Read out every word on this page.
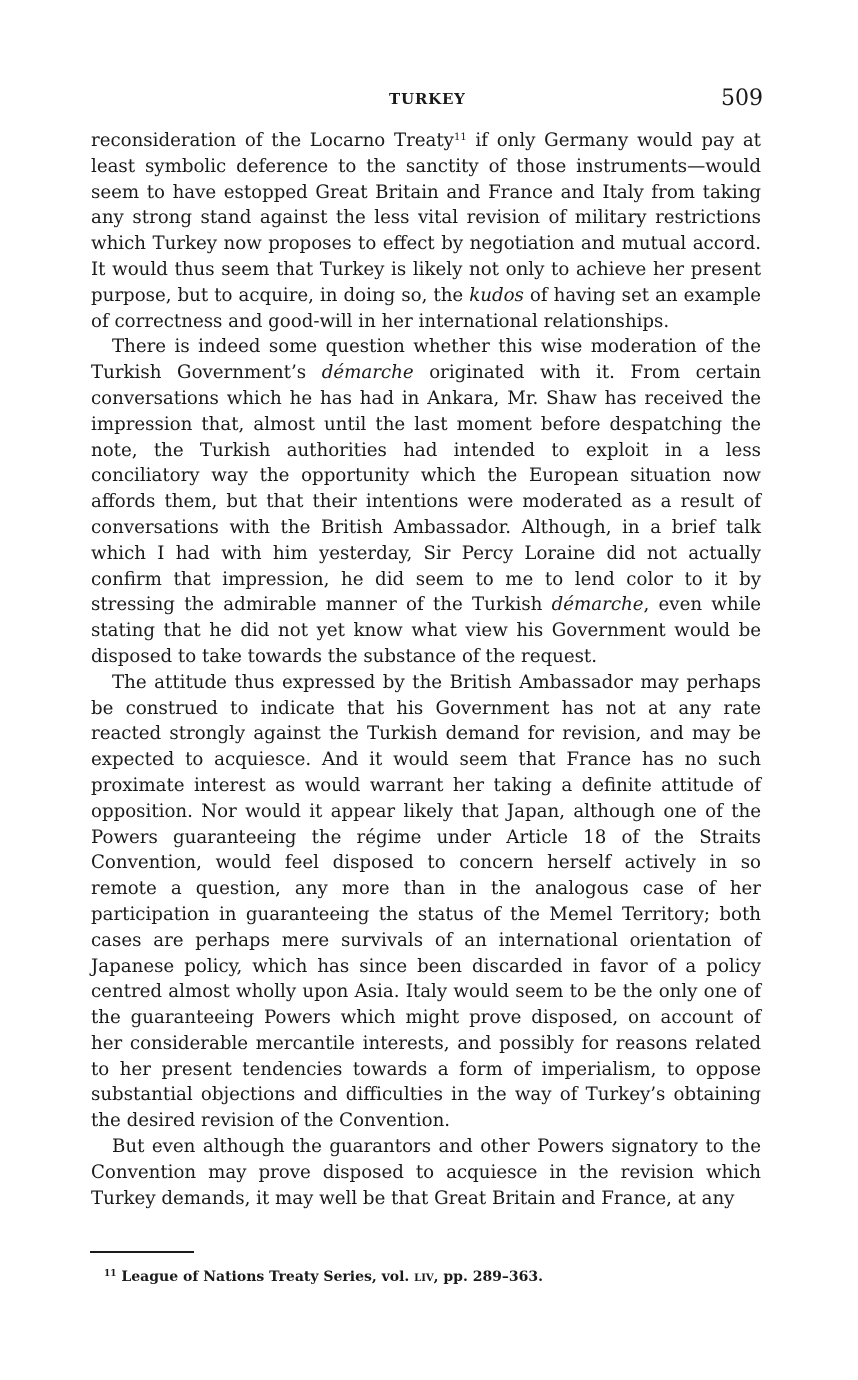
TURKEY	509

reconsideration of the Locarno Treaty$^{11}$ if only Germany would pay at least symbolic deference to the sanctity of those instruments—would seem to have estopped Great Britain and France and Italy from taking any strong stand against the less vital revision of military restrictions which Turkey now proposes to effect by negotiation and mutual accord. It would thus seem that Turkey is likely not only to achieve her present purpose, but to acquire, in doing so, the kudos of having set an example of correctness and good-will in her international relationships.

There is indeed some question whether this wise moderation of the Turkish Government’s démarche originated with it. From certain conversations which he has had in Ankara, Mr. Shaw has received the impression that, almost until the last moment before despatching the note, the Turkish authorities had intended to exploit in a less conciliatory way the opportunity which the European situation now affords them, but that their intentions were moderated as a result of conversations with the British Ambassador. Although, in a brief talk which I had with him yesterday, Sir Percy Loraine did not actually confirm that impression, he did seem to me to lend color to it by stressing the admirable manner of the Turkish démarche, even while stating that he did not yet know what view his Government would be disposed to take towards the substance of the request.

The attitude thus expressed by the British Ambassador may perhaps be construed to indicate that his Government has not at any rate reacted strongly against the Turkish demand for revision, and may be expected to acquiesce. And it would seem that France has no such proximate interest as would warrant her taking a definite attitude of opposition. Nor would it appear likely that Japan, although one of the Powers guaranteeing the régime under Article 18 of the Straits Convention, would feel disposed to concern herself actively in so remote a question, any more than in the analogous case of her participation in guaranteeing the status of the Memel Territory; both cases are perhaps mere survivals of an international orientation of Japanese policy, which has since been discarded in favor of a policy centred almost wholly upon Asia. Italy would seem to be the only one of the guaranteeing Powers which might prove disposed, on account of her considerable mercantile interests, and possibly for reasons related to her present tendencies towards a form of imperialism, to oppose substantial objections and difficulties in the way of Turkey’s obtaining the desired revision of the Convention.

But even although the guarantors and other Powers signatory to the Convention may prove disposed to acquiesce in the revision which Turkey demands, it may well be that Great Britain and France, at any

$^{11}$ League of Nations Treaty Series, vol. liv, pp. 289–363.
